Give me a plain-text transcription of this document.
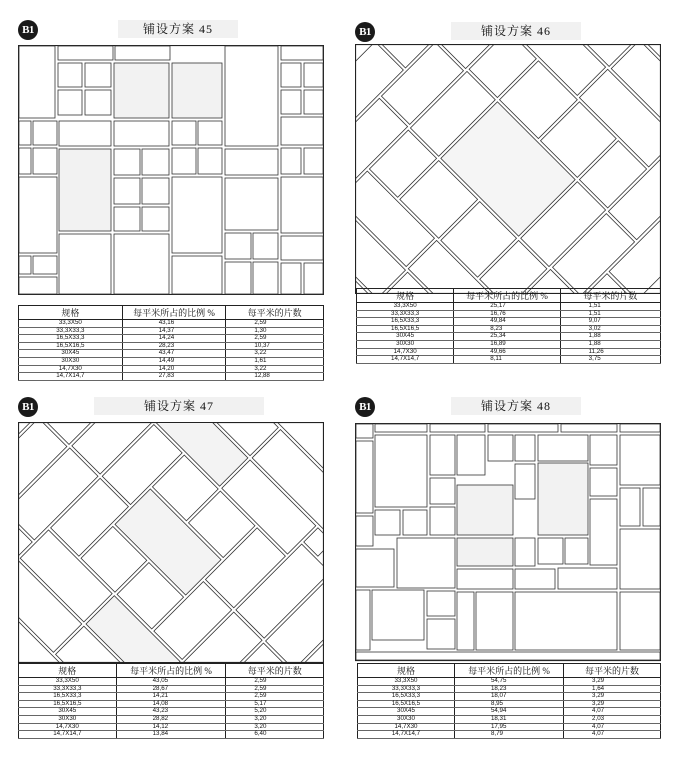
B1	铺设方案 45
规格	每平米所占的比例 %	每平米的片数
33,3X50	43,16	2,59
33,3X33,3	14,37	1,30
16,5X33,3	14,24	2,59
16,5X16,5	28,23	10,37
30X45	43,47	3,22
30X30	14,49	1,61
14,7X30	14,20	3,22
14,7X14,7	27,83	12,88
B1	铺设方案 46
规格	每平米所占的比例 %	每平米的片数
33,3X50	25,17	1,51
33,3X33,3	16,76	1,51
16,5X33,3	49,84	9,07
16,5X16,5	8,23	3,02
30X45	25,34	1,88
30X30	16,89	1,88
14,7X30	49,66	11,26
14,7X14,7	8,11	3,75
B1	铺设方案 47
规格	每平米所占的比例 %	每平米的片数
33,3X50	43,05	2,59
33,3X33,3	28,67	2,59
16,5X33,3	14,21	2,59
16,5X16,5	14,08	5,17
30X45	43,23	5,20
30X30	28,82	3,20
14,7X30	14,12	3,20
14,7X14,7	13,84	6,40
B1	铺设方案 48
规格	每平米所占的比例 %	每平米的片数
33,3X50	54,75	3,29
33,3X33,3	18,23	1,64
16,5X33,3	18,07	3,29
16,5X16,5	8,95	3,29
30X45	54,94	4,07
30X30	18,31	2,03
14,7X30	17,95	4,07
14,7X14,7	8,79	4,07
